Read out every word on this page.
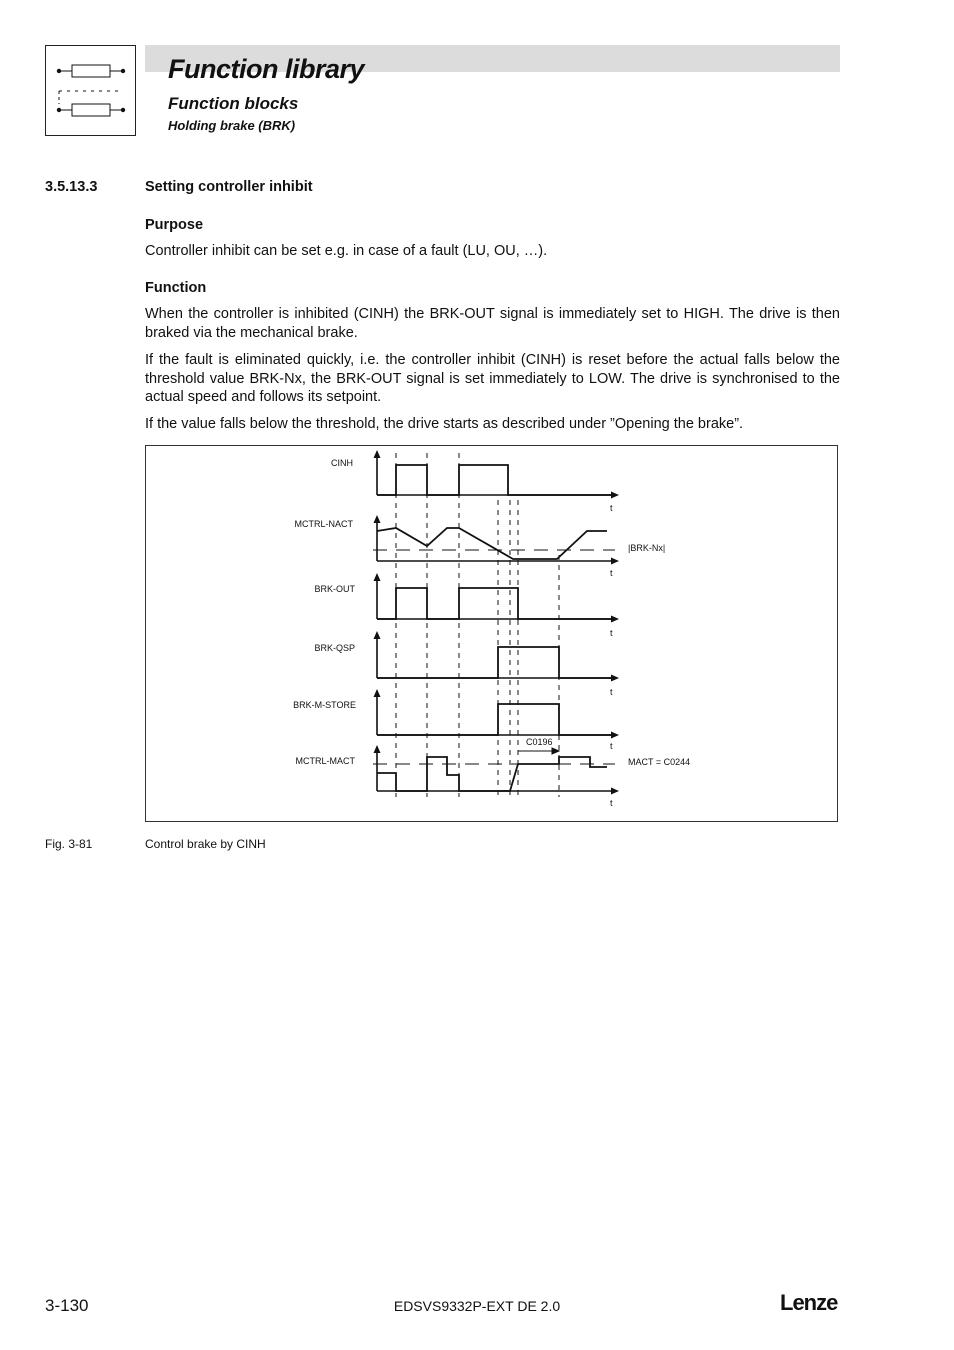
Function library
Function blocks
Holding brake (BRK)
3.5.13.3	Setting controller inhibit
Purpose
Controller inhibit can be set e.g. in case of a fault (LU, OU, …).
Function
When the controller is inhibited (CINH) the BRK-OUT signal is immediately set to HIGH. The drive is then braked via the mechanical brake.
If the fault is eliminated quickly, i.e. the controller inhibit (CINH) is reset before the actual falls below the threshold value BRK-Nx, the BRK-OUT signal is set immediately to LOW. The drive is synchronised to the actual speed and follows its setpoint.
If the value falls below the threshold, the drive starts as described under ”Opening the brake”.
CINH
MCTRL-NACT
BRK-OUT
BRK-QSP
BRK-M-STORE
MCTRL-MACT
t
t
t
t
t
t
|BRK-Nx|
MACT = C0244
C0196
Fig. 3-81	Control brake by CINH
3-130	EDSVS9332P-EXT DE 2.0	Lenze
